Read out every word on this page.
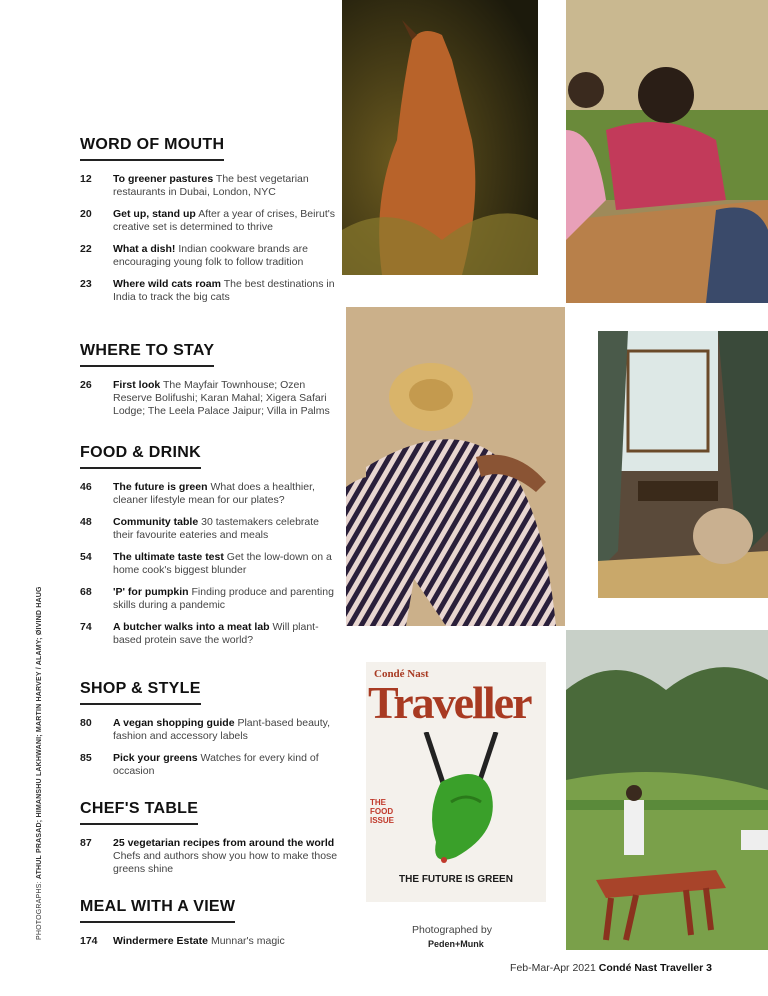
PHOTOGRAPHS: ATHUL PRASAD; HIMANSHU LAKHWANI; MARTIN HARVEY / ALAMY; ØIVIND HAUG
WORD OF MOUTH
12	To greener pastures The best vegetarian restaurants in Dubai, London, NYC
20	Get up, stand up After a year of crises, Beirut's creative set is determined to thrive
22	What a dish! Indian cookware brands are encouraging young folk to follow tradition
23	Where wild cats roam The best destinations in India to track the big cats
WHERE TO STAY
26	First look The Mayfair Townhouse; Ozen Reserve Bolifushi; Karan Mahal; Xigera Safari Lodge; The Leela Palace Jaipur; Villa in Palms
FOOD & DRINK
46	The future is green What does a healthier, cleaner lifestyle mean for our plates?
48	Community table 30 tastemakers celebrate their favourite eateries and meals
54	The ultimate taste test Get the low-down on a home cook's biggest blunder
68	'P' for pumpkin Finding produce and parenting skills during a pandemic
74	A butcher walks into a meat lab Will plant-based protein save the world?
SHOP & STYLE
80	A vegan shopping guide Plant-based beauty, fashion and accessory labels
85	Pick your greens Watches for every kind of occasion
CHEF'S TABLE
87	25 vegetarian recipes from around the world Chefs and authors show you how to make those greens shine
MEAL WITH A VIEW
174	Windermere Estate Munnar's magic
Condé Nast
Traveller
THE FOOD ISSUE
THE FUTURE IS GREEN
Photographed by
Peden+Munk
Feb-Mar-Apr 2021 Condé Nast Traveller 3
